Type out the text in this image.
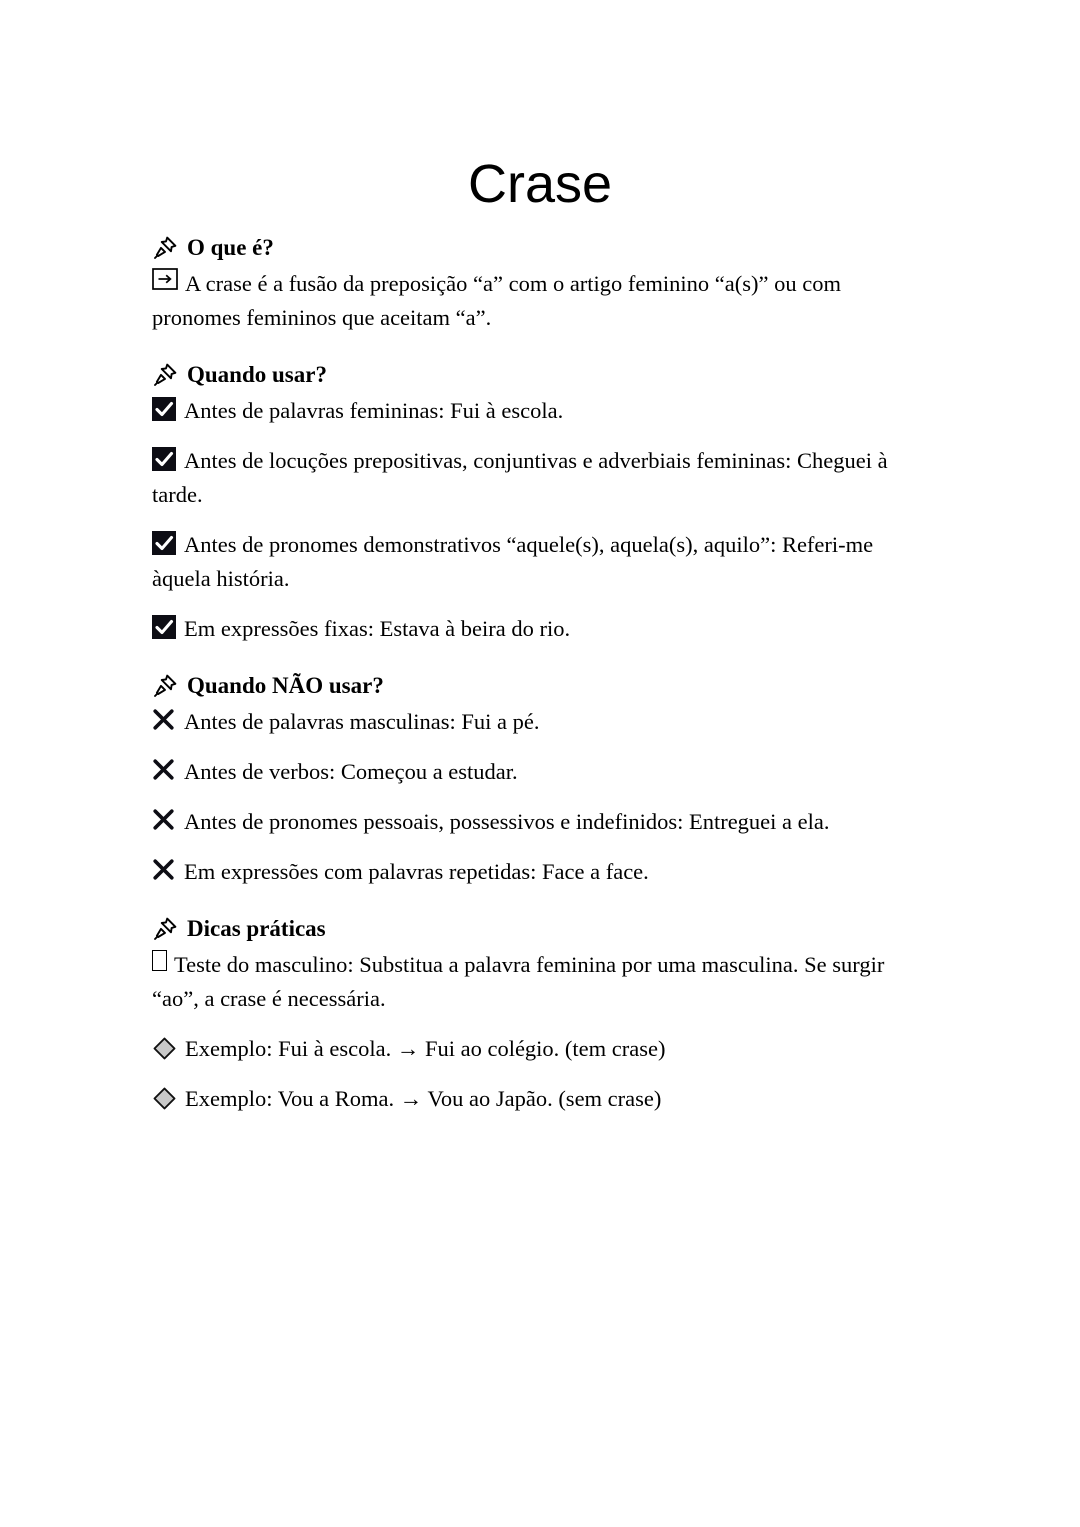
Crase
O que é?
A crase é a fusão da preposição “a” com o artigo feminino “a(s)” ou com pronomes femininos que aceitam “a”.
Quando usar?
Antes de palavras femininas: Fui à escola.
Antes de locuções prepositivas, conjuntivas e adverbiais femininas: Cheguei à tarde.
Antes de pronomes demonstrativos “aquele(s), aquela(s), aquilo”: Referi-me àquela história.
Em expressões fixas: Estava à beira do rio.
Quando NÃO usar?
Antes de palavras masculinas: Fui a pé.
Antes de verbos: Começou a estudar.
Antes de pronomes pessoais, possessivos e indefinidos: Entreguei a ela.
Em expressões com palavras repetidas: Face a face.
Dicas práticas
Teste do masculino: Substitua a palavra feminina por uma masculina. Se surgir “ao”, a crase é necessária.
Exemplo: Fui à escola. → Fui ao colégio. (tem crase)
Exemplo: Vou a Roma. → Vou ao Japão. (sem crase)
